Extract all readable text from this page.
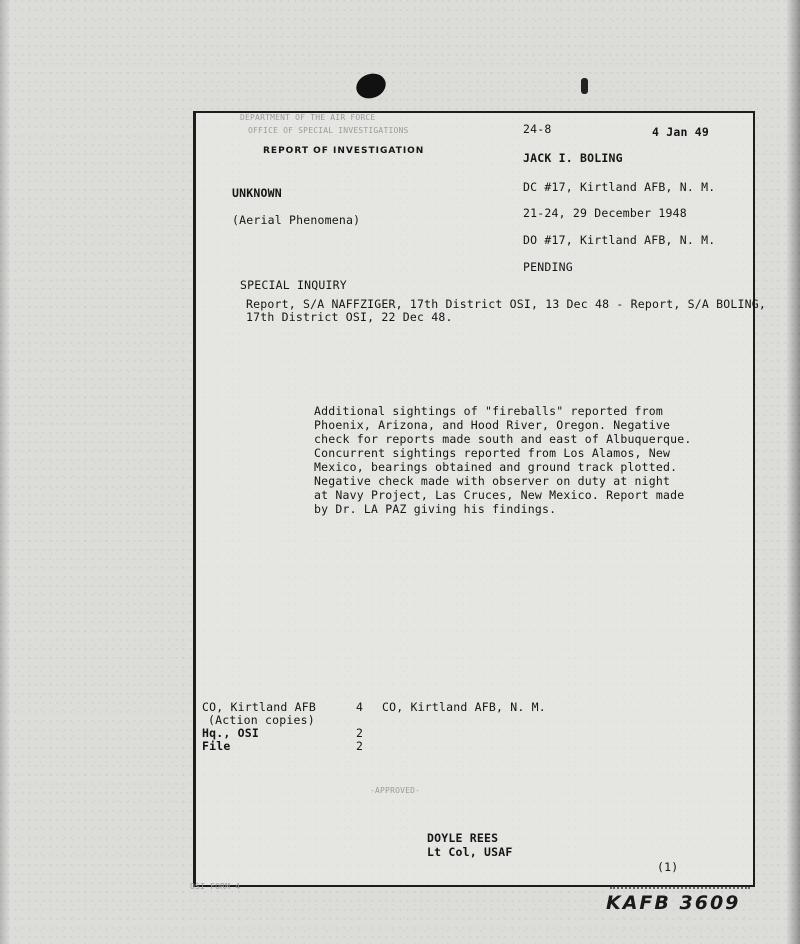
DEPARTMENT OF THE AIR FORCE
OFFICE OF SPECIAL INVESTIGATIONS
REPORT OF INVESTIGATION
24-8	4 Jan 49
JACK I. BOLING
DC #17, Kirtland AFB, N. M.
21-24, 29 December 1948
DO #17, Kirtland AFB, N. M.
PENDING
UNKNOWN
(Aerial Phenomena)
SPECIAL INQUIRY
Report, S/A NAFFZIGER, 17th District OSI, 13 Dec 48 - Report, S/A BOLING,
17th District OSI, 22 Dec 48.
Additional sightings of "fireballs" reported from
Phoenix, Arizona, and Hood River, Oregon. Negative
check for reports made south and east of Albuquerque.
Concurrent sightings reported from Los Alamos, New
Mexico, bearings obtained and ground track plotted.
Negative check made with observer on duty at night
at Navy Project, Las Cruces, New Mexico. Report made
by Dr. LA PAZ giving his findings.
CO, Kirtland AFB	4 CO, Kirtland AFB, N. M.
(Action copies)
Hq., OSI	2
File	2
-APPROVED-
DOYLE REES
Lt Col, USAF
(1)
OSI FORM 4
KAFB 3609
